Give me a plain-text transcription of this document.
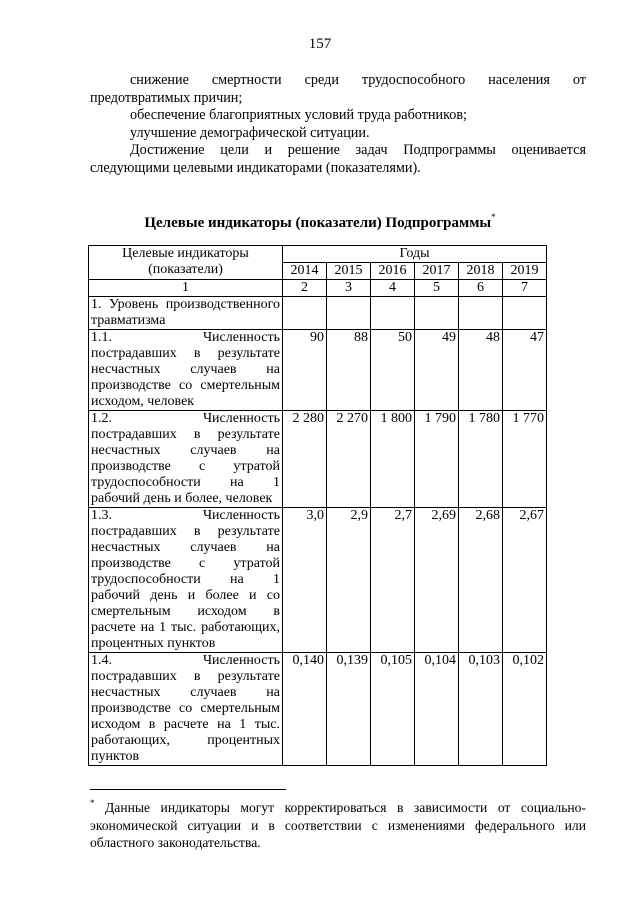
157

снижение смертности среди трудоспособного населения от предотвратимых причин;

обеспечение благоприятных условий труда работников;

улучшение демографической ситуации.

Достижение цели и решение задач Подпрограммы оценивается следующими целевыми индикаторами (показателями).

Целевые индикаторы (показатели) Подпрограммы*
Целевые индикаторы (показатели)	Годы					
	2014	2015	2016	2017	2018	2019
1	2	3	4	5	6	7
1. Уровень производственного травматизма						
1.1. Численность пострадавших в результате несчастных случаев на производстве со смертельным исходом, человек	90	88	50	49	48	47
1.2. Численность пострадавших в результате несчастных случаев на производстве с утратой трудоспособности на 1 рабочий день и более, человек	2 280	2 270	1 800	1 790	1 780	1 770
1.3. Численность пострадавших в результате несчастных случаев на производстве с утратой трудоспособности на 1 рабочий день и более и со смертельным исходом в расчете на 1 тыс. работающих, процентных пунктов	3,0	2,9	2,7	2,69	2,68	2,67
1.4. Численность пострадавших в результате несчастных случаев на производстве со смертельным исходом в расчете на 1 тыс. работающих, процентных пунктов	0,140	0,139	0,105	0,104	0,103	0,102
* Данные индикаторы могут корректироваться в зависимости от социально-экономической ситуации и в соответствии с изменениями федерального или областного законодательства.
